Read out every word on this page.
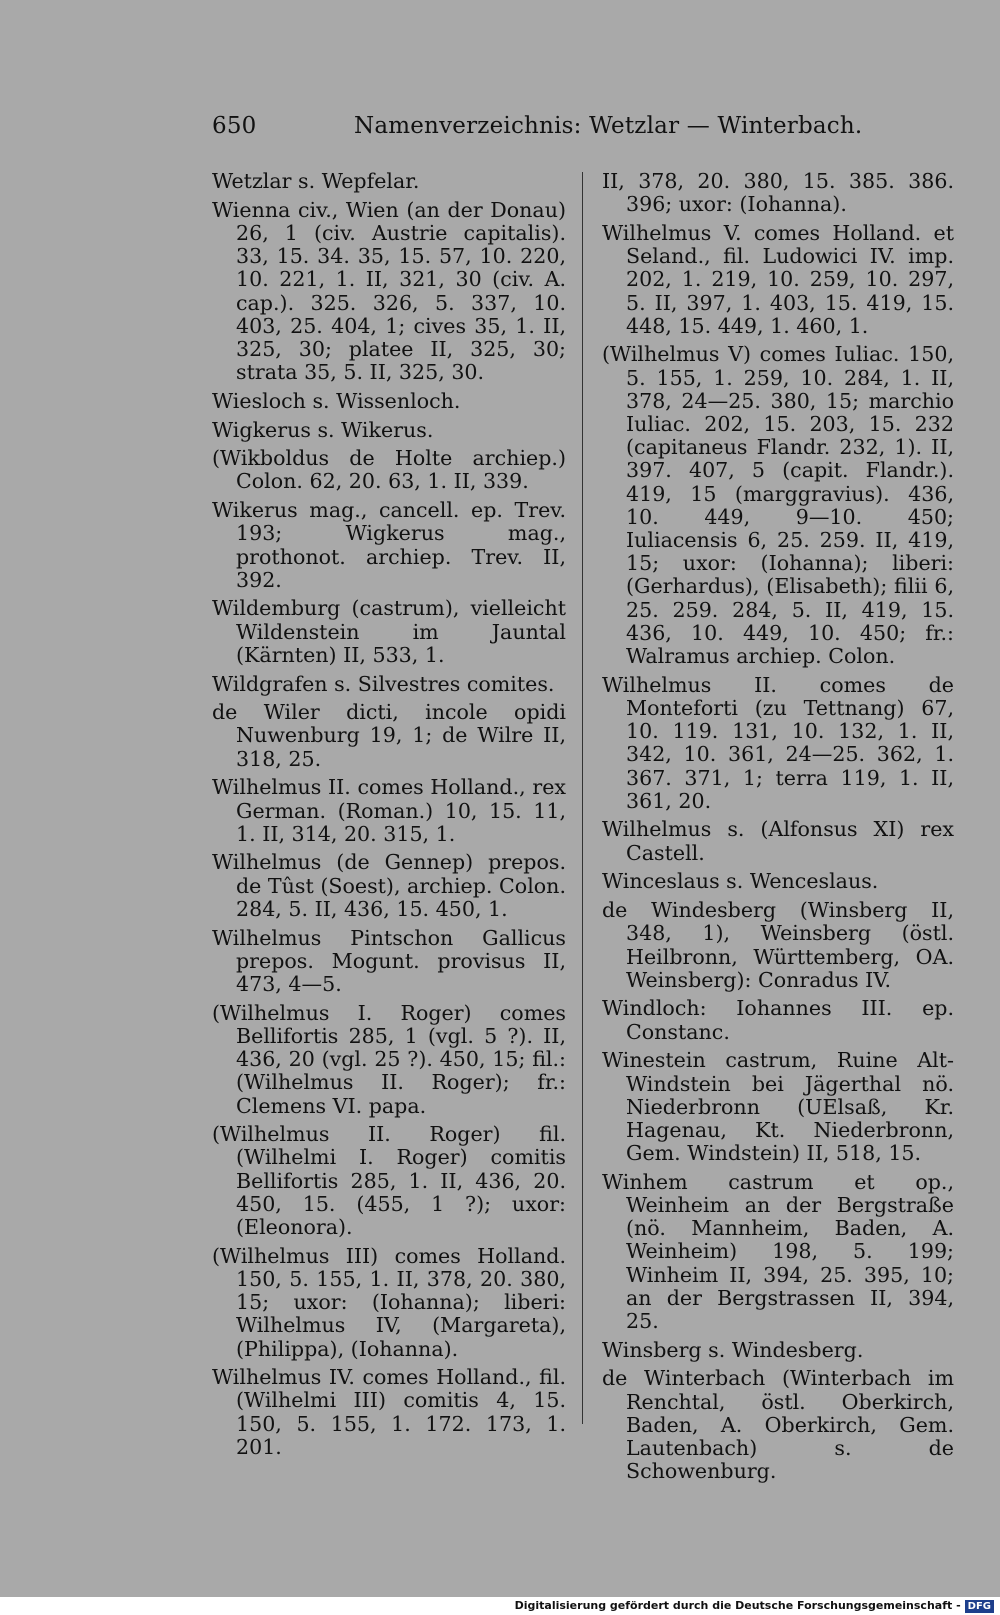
650	Namenverzeichnis: Wetzlar — Winterbach.

Wetzlar s. Wepfelar.

Wienna civ., Wien (an der Donau) 26, 1 (civ. Austrie capitalis). 33, 15. 34. 35, 15. 57, 10. 220, 10. 221, 1. II, 321, 30 (civ. A. cap.). 325. 326, 5. 337, 10. 403, 25. 404, 1; cives 35, 1. II, 325, 30; platee II, 325, 30; strata 35, 5. II, 325, 30.

Wiesloch s. Wissenloch.

Wigkerus s. Wikerus.

(Wikboldus de Holte archiep.) Colon. 62, 20. 63, 1. II, 339.

Wikerus mag., cancell. ep. Trev. 193; Wigkerus mag., prothonot. archiep. Trev. II, 392.

Wildemburg (castrum), vielleicht Wildenstein im Jauntal (Kärnten) II, 533, 1.

Wildgrafen s. Silvestres comites.

de Wiler dicti, incole opidi Nuwenburg 19, 1; de Wilre II, 318, 25.

Wilhelmus II. comes Holland., rex German. (Roman.) 10, 15. 11, 1. II, 314, 20. 315, 1.

Wilhelmus (de Gennep) prepos. de Tûst (Soest), archiep. Colon. 284, 5. II, 436, 15. 450, 1.

Wilhelmus Pintschon Gallicus prepos. Mogunt. provisus II, 473, 4—5.

(Wilhelmus I. Roger) comes Bellifortis 285, 1 (vgl. 5 ?). II, 436, 20 (vgl. 25 ?). 450, 15; fil.: (Wilhelmus II. Roger); fr.: Clemens VI. papa.

(Wilhelmus II. Roger) fil.(Wilhelmi I. Roger) comitis Bellifortis 285, 1. II, 436, 20. 450, 15. (455, 1 ?); uxor: (Eleonora).

(Wilhelmus III) comes Holland. 150, 5. 155, 1. II, 378, 20. 380, 15; uxor: (Iohanna); liberi: Wilhelmus IV, (Margareta), (Philippa), (Iohanna).

Wilhelmus IV. comes Holland., fil. (Wilhelmi III) comitis 4, 15. 150, 5. 155, 1. 172. 173, 1. 201.

II, 378, 20. 380, 15. 385. 386. 396; uxor: (Iohanna).

Wilhelmus V. comes Holland. et Seland., fil. Ludowici IV. imp. 202, 1. 219, 10. 259, 10. 297, 5. II, 397, 1. 403, 15. 419, 15. 448, 15. 449, 1. 460, 1.

(Wilhelmus V) comes Iuliac. 150, 5. 155, 1. 259, 10. 284, 1. II, 378, 24—25. 380, 15; marchio Iuliac. 202, 15. 203, 15. 232 (capitaneus Flandr. 232, 1). II, 397. 407, 5 (capit. Flandr.). 419, 15 (marggravius). 436, 10. 449, 9—10. 450; Iuliacensis 6, 25. 259. II, 419, 15; uxor: (Iohanna); liberi: (Gerhardus), (Elisabeth); filii 6, 25. 259. 284, 5. II, 419, 15. 436, 10. 449, 10. 450; fr.: Walramus archiep. Colon.

Wilhelmus II. comes de Monteforti (zu Tettnang) 67, 10. 119. 131, 10. 132, 1. II, 342, 10. 361, 24—25. 362, 1. 367. 371, 1; terra 119, 1. II, 361, 20.

Wilhelmus s. (Alfonsus XI) rex Castell.

Winceslaus s. Wenceslaus.

de Windesberg (Winsberg II, 348, 1), Weinsberg (östl. Heilbronn, Württemberg, OA. Weinsberg): Conradus IV.

Windloch: Iohannes III. ep. Constanc.

Winestein castrum, Ruine Alt-Windstein bei Jägerthal nö. Niederbronn (UElsaß, Kr. Hagenau, Kt. Niederbronn, Gem. Windstein) II, 518, 15.

Winhem castrum et op., Weinheim an der Bergstraße (nö. Mannheim, Baden, A. Weinheim) 198, 5. 199; Winheim II, 394, 25. 395, 10; an der Bergstrassen II, 394, 25.

Winsberg s. Windesberg.

de Winterbach (Winterbach im Renchtal, östl. Oberkirch, Baden, A. Oberkirch, Gem. Lautenbach) s. de Schowenburg.

Digitalisierung gefördert durch die Deutsche Forschungsgemeinschaft - DFG
